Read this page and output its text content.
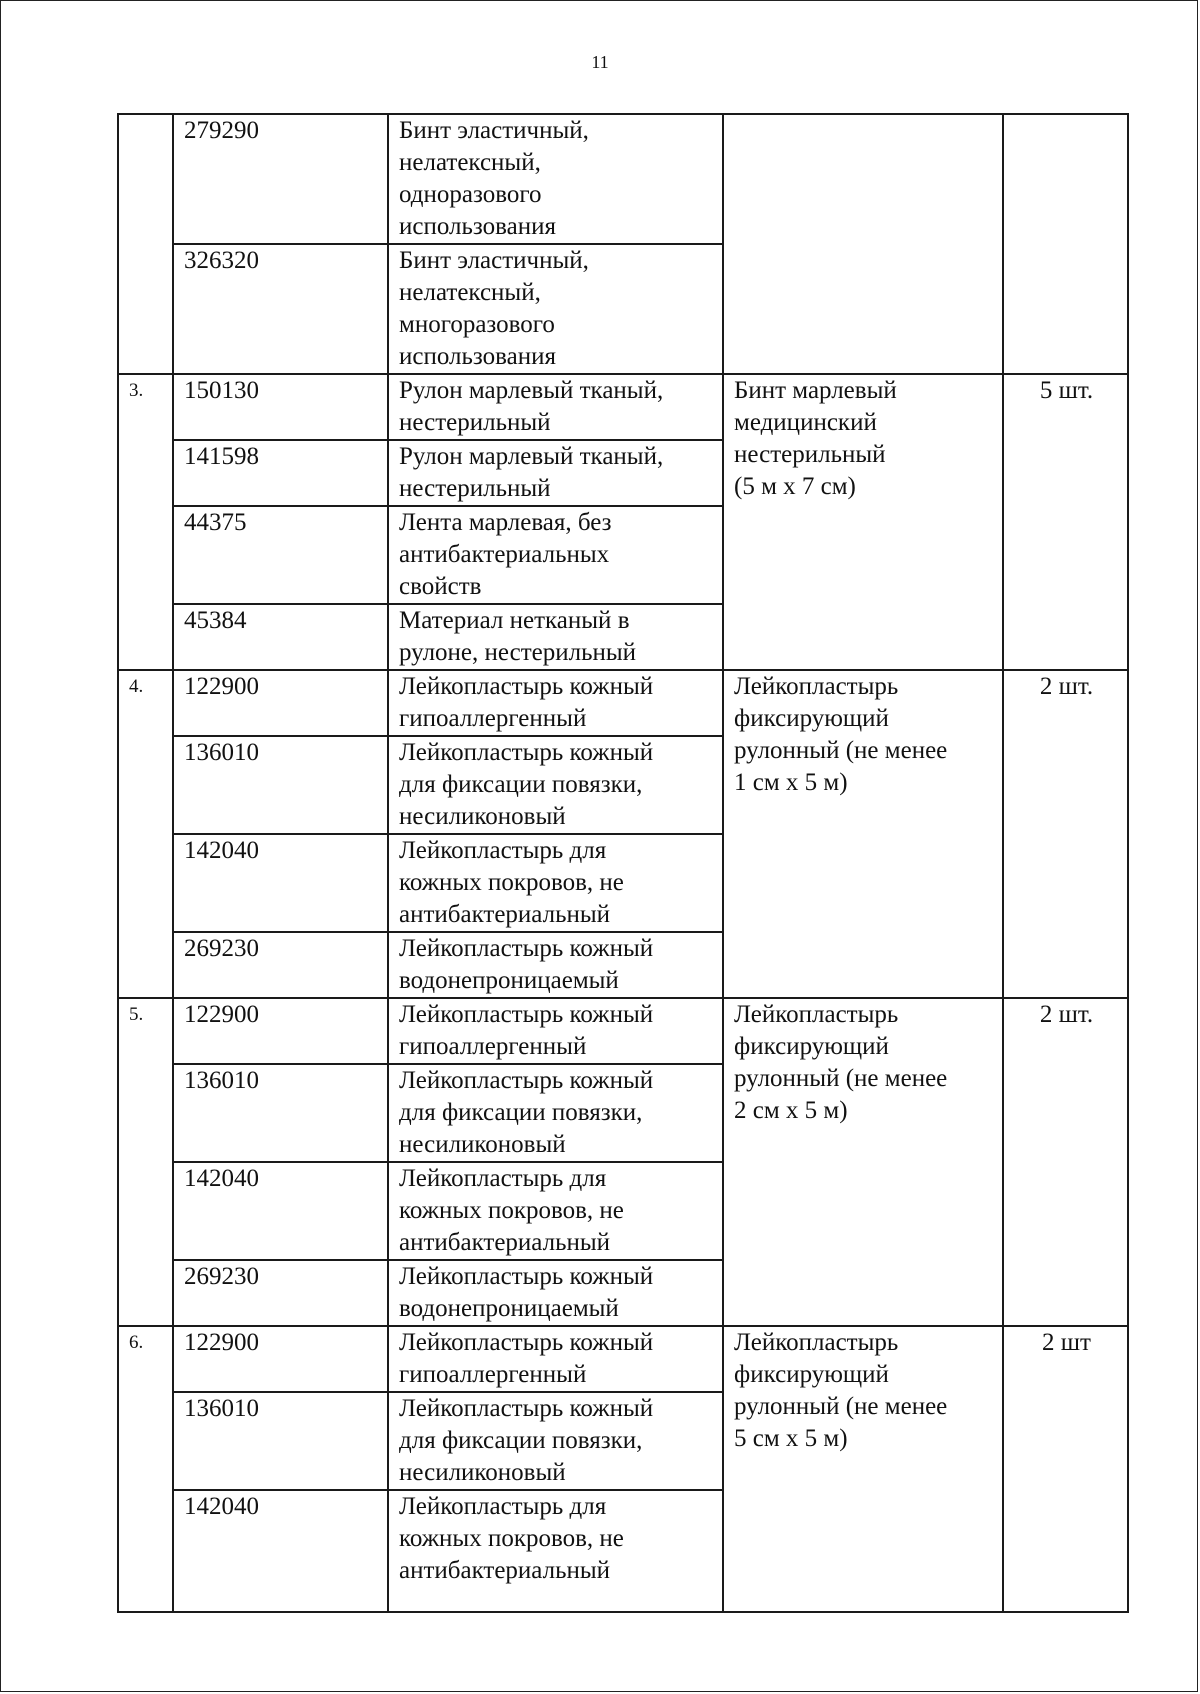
11
	279290	Бинт эластичный,
нелатексный,
одноразового
использования		
	326320	Бинт эластичный,
нелатексный,
многоразового
использования		
3.	150130	Рулон марлевый тканый,
нестерильный	Бинт марлевый
медицинский
нестерильный
(5 м х 7 см)	5 шт.
	141598	Рулон марлевый тканый,
нестерильный		
	44375	Лента марлевая, без
антибактериальных
свойств		
	45384	Материал нетканый в
рулоне, нестерильный		
4.	122900	Лейкопластырь кожный
гипоаллергенный	Лейкопластырь
фиксирующий
рулонный (не менее
1 см х 5 м)	2 шт.
	136010	Лейкопластырь кожный
для фиксации повязки,
несиликоновый		
	142040	Лейкопластырь для
кожных покровов, не
антибактериальный		
	269230	Лейкопластырь кожный
водонепроницаемый		
5.	122900	Лейкопластырь кожный
гипоаллергенный	Лейкопластырь
фиксирующий
рулонный (не менее
2 см х 5 м)	2 шт.
	136010	Лейкопластырь кожный
для фиксации повязки,
несиликоновый		
	142040	Лейкопластырь для
кожных покровов, не
антибактериальный		
	269230	Лейкопластырь кожный
водонепроницаемый		
6.	122900	Лейкопластырь кожный
гипоаллергенный	Лейкопластырь
фиксирующий
рулонный (не менее
5 см х 5 м)	2 шт
	136010	Лейкопластырь кожный
для фиксации повязки,
несиликоновый		
	142040	Лейкопластырь для
кожных покровов, не
антибактериальный		
